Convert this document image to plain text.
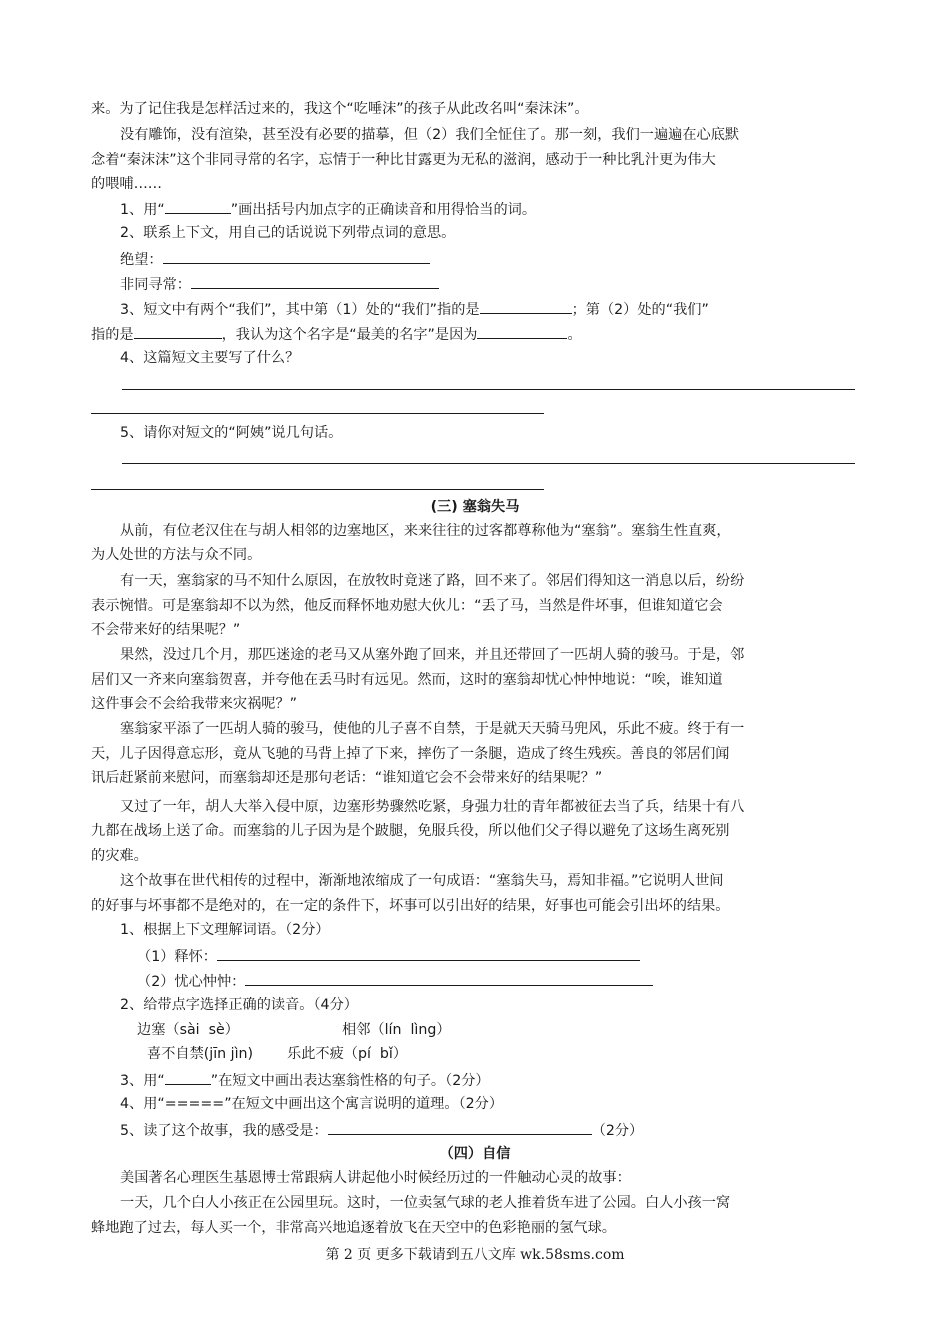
来。为了记住我是怎样活过来的，我这个“吃唾沫”的孩子从此改名叫“秦沫沫”。
没有雕饰，没有渲染，甚至没有必要的描摹，但（2）我们全怔住了。那一刻，我们一遍遍在心底默
念着“秦沫沫”这个非同寻常的名字，忘情于一种比甘露更为无私的滋润，感动于一种比乳汁更为伟大
的喂哺……
1、用“	”画出括号内加点字的正确读音和用得恰当的词。
2、联系上下文，用自己的话说说下列带点词的意思。
绝望：
非同寻常：
3、短文中有两个“我们”，其中第（1）处的“我们”指的是	；第（2）处的“我们”
指的是	，我认为这个名字是“最美的名字”是因为	。
4、这篇短文主要写了什么？
5、请你对短文的“阿姨”说几句话。
(三) 塞翁失马
从前，有位老汉住在与胡人相邻的边塞地区，来来往往的过客都尊称他为“塞翁”。塞翁生性直爽，
为人处世的方法与众不同。
有一天，塞翁家的马不知什么原因，在放牧时竟迷了路，回不来了。邻居们得知这一消息以后，纷纷
表示惋惜。可是塞翁却不以为然，他反而释怀地劝慰大伙儿：“丢了马，当然是件坏事，但谁知道它会
不会带来好的结果呢？”
果然，没过几个月，那匹迷途的老马又从塞外跑了回来，并且还带回了一匹胡人骑的骏马。于是，邻
居们又一齐来向塞翁贺喜，并夸他在丢马时有远见。然而，这时的塞翁却忧心忡忡地说：“唉，谁知道
这件事会不会给我带来灾祸呢？”
塞翁家平添了一匹胡人骑的骏马，使他的儿子喜不自禁，于是就天天骑马兜风，乐此不疲。终于有一
天，儿子因得意忘形，竟从飞驰的马背上掉了下来，摔伤了一条腿，造成了终生残疾。善良的邻居们闻
讯后赶紧前来慰问，而塞翁却还是那句老话：“谁知道它会不会带来好的结果呢？”
又过了一年，胡人大举入侵中原，边塞形势骤然吃紧，身强力壮的青年都被征去当了兵，结果十有八
九都在战场上送了命。而塞翁的儿子因为是个跛腿，免服兵役，所以他们父子得以避免了这场生离死别
的灾难。
这个故事在世代相传的过程中，渐渐地浓缩成了一句成语：“塞翁失马，焉知非福。”它说明人世间
的好事与坏事都不是绝对的，在一定的条件下，坏事可以引出好的结果，好事也可能会引出坏的结果。
1、根据上下文理解词语。（2分）
（1）释怀：
（2）忧心忡忡：
2、给带点字选择正确的读音。（4分）
边塞（sài  sè）	相邻（lín  lìng）
喜不自禁(jīn jìn) 乐此不疲（pí  bǐ）
3、用“	”在短文中画出表达塞翁性格的句子。（2分）
4、用“=====”在短文中画出这个寓言说明的道理。（2分）
5、读了这个故事，我的感受是：	（2分）
（四）自信
美国著名心理医生基恩博士常跟病人讲起他小时候经历过的一件触动心灵的故事：
一天，几个白人小孩正在公园里玩。这时，一位卖氢气球的老人推着货车进了公园。白人小孩一窝
蜂地跑了过去，每人买一个，非常高兴地追逐着放飞在天空中的色彩艳丽的氢气球。
第 2 页 更多下载请到五八文库 wk.58sms.com
